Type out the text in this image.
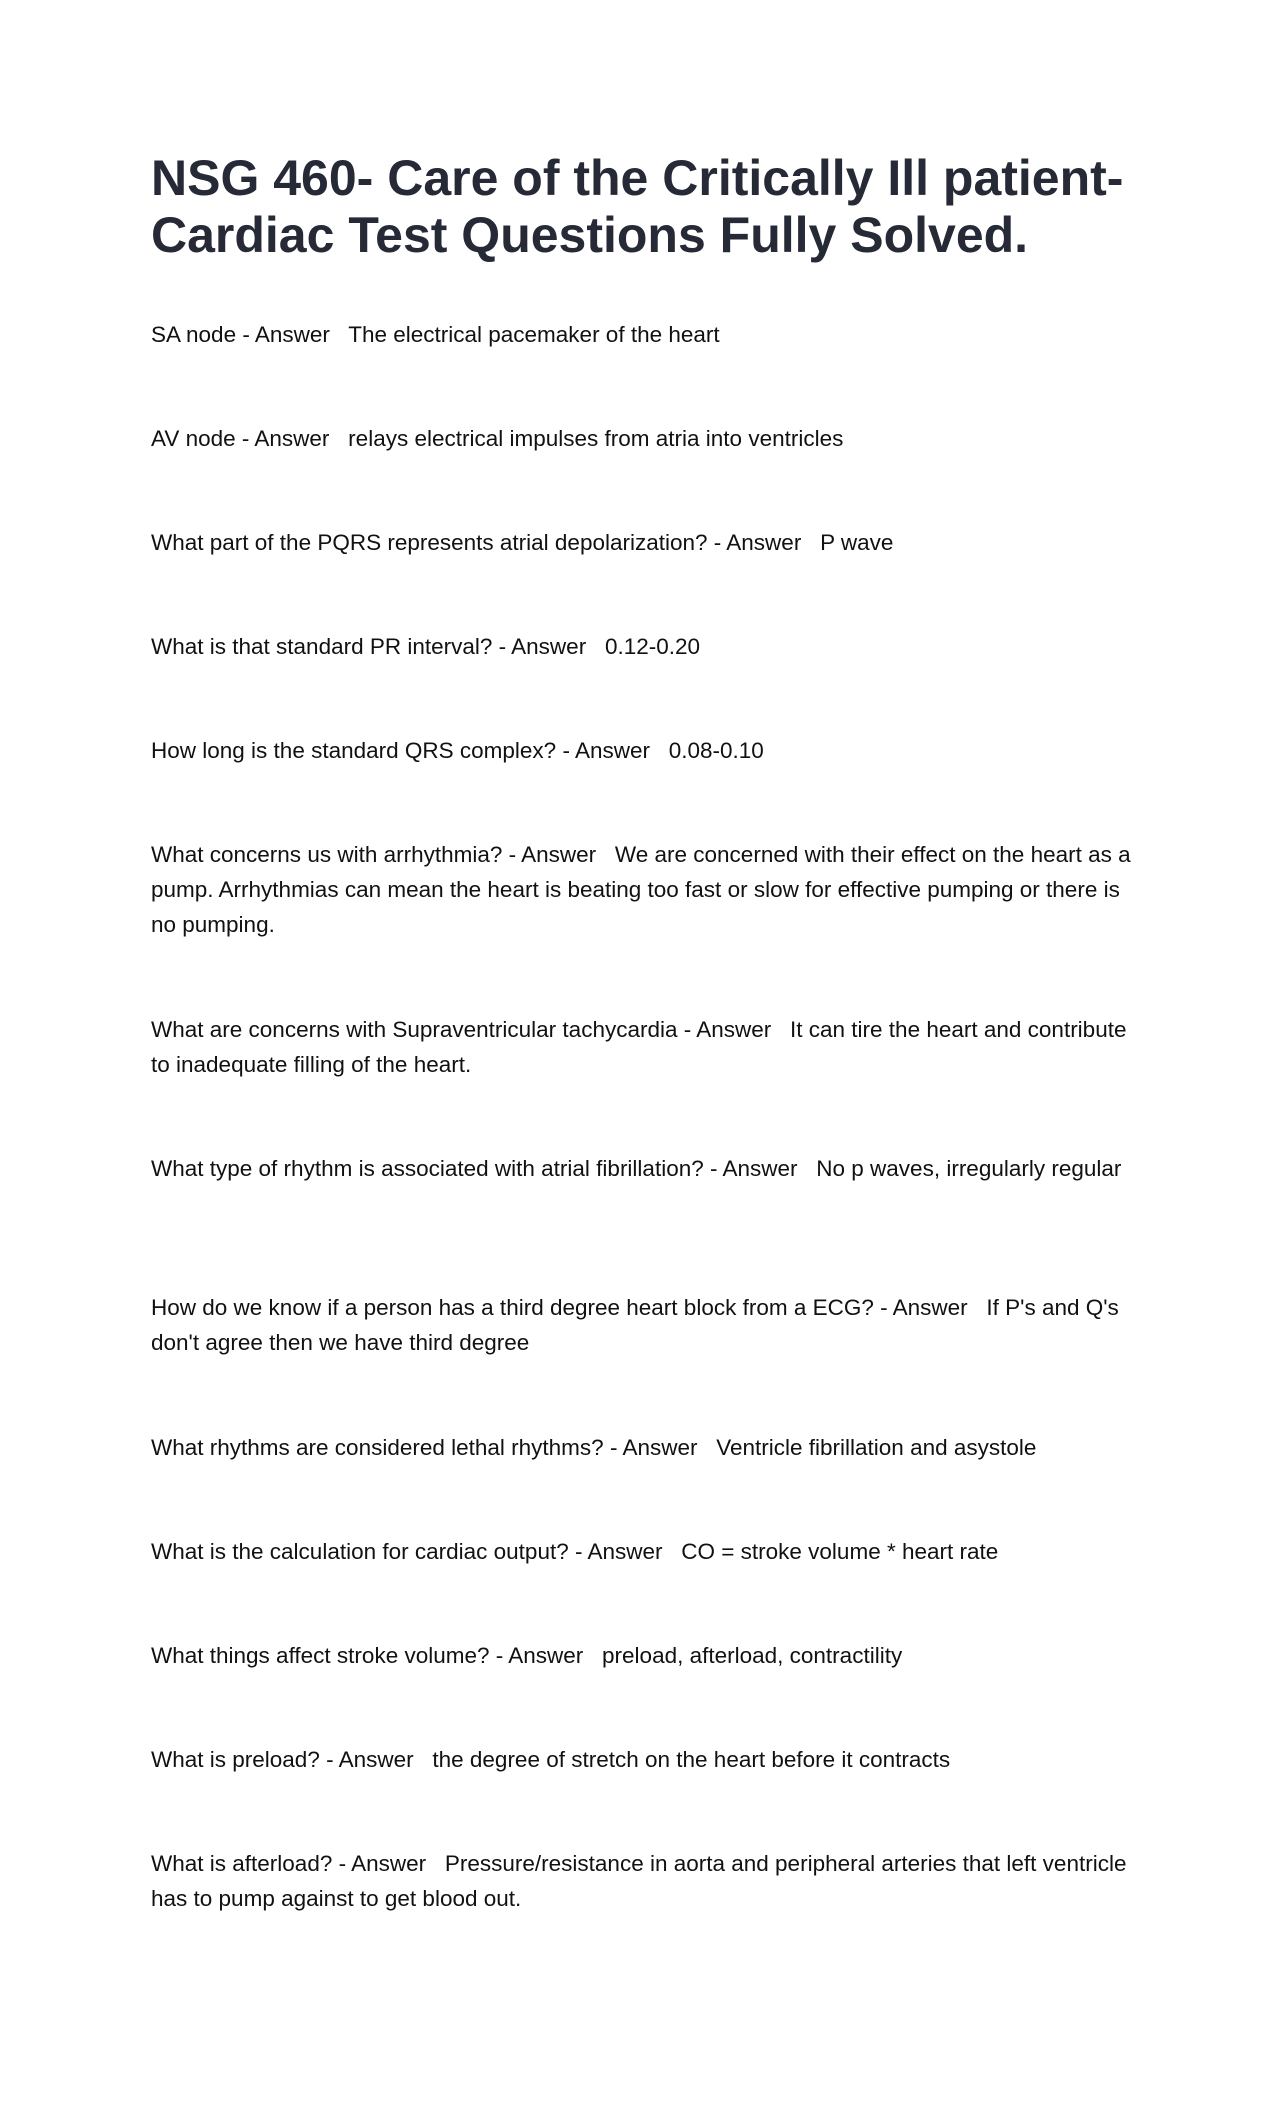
NSG 460- Care of the Critically Ill patient- Cardiac Test Questions Fully Solved.
SA node - Answer   The electrical pacemaker of the heart
AV node - Answer   relays electrical impulses from atria into ventricles
What part of the PQRS represents atrial depolarization? - Answer   P wave
What is that standard PR interval? - Answer   0.12-0.20
How long is the standard QRS complex? - Answer   0.08-0.10
What concerns us with arrhythmia? - Answer   We are concerned with their effect on the heart as a pump. Arrhythmias can mean the heart is beating too fast or slow for effective pumping or there is no pumping.
What are concerns with Supraventricular tachycardia - Answer   It can tire the heart and contribute to inadequate filling of the heart.
What type of rhythm is associated with atrial fibrillation? - Answer   No p waves, irregularly regular
How do we know if a person has a third degree heart block from a ECG? - Answer   If P's and Q's don't agree then we have third degree
What rhythms are considered lethal rhythms? - Answer   Ventricle fibrillation and asystole
What is the calculation for cardiac output? - Answer   CO = stroke volume * heart rate
What things affect stroke volume? - Answer   preload, afterload, contractility
What is preload? - Answer   the degree of stretch on the heart before it contracts
What is afterload? - Answer   Pressure/resistance in aorta and peripheral arteries that left ventricle has to pump against to get blood out.
